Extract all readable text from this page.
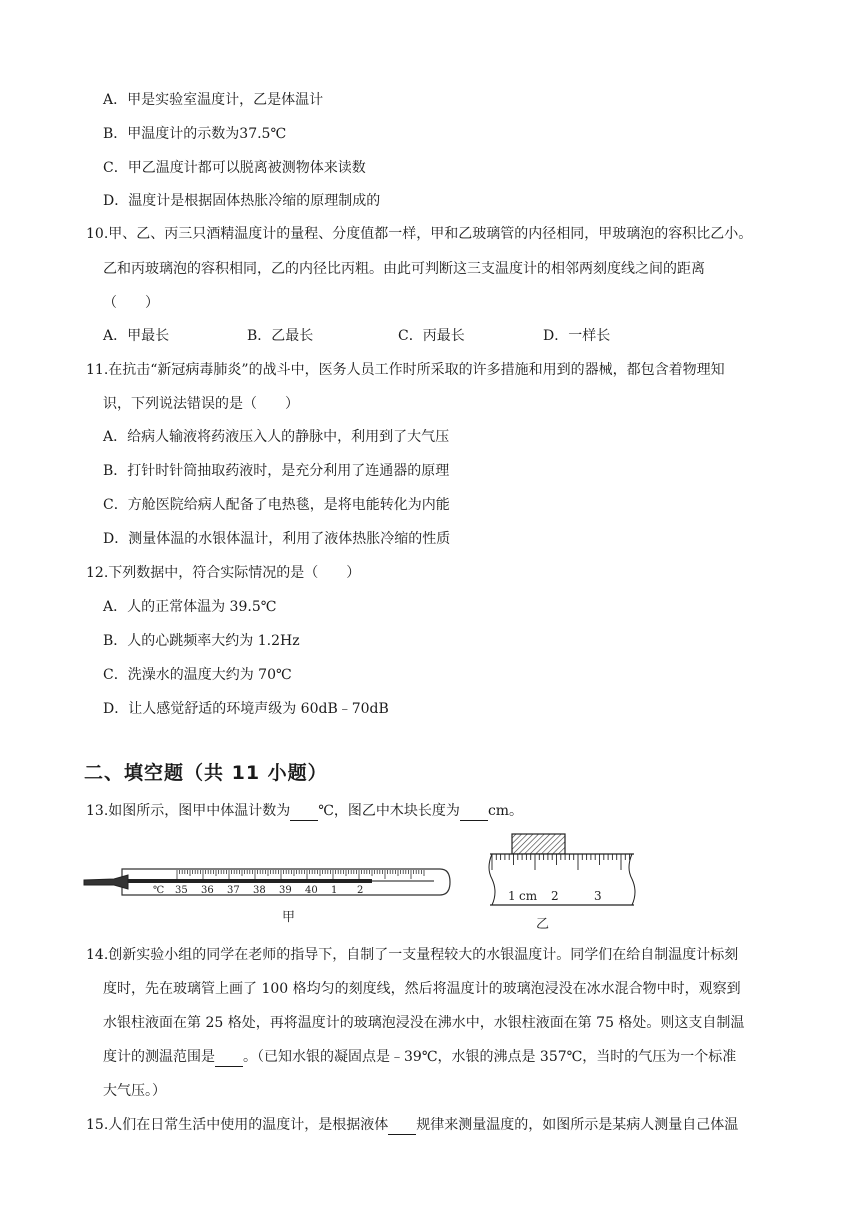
A．甲是实验室温度计，乙是体温计
B．甲温度计的示数为37.5℃
C．甲乙温度计都可以脱离被测物体来读数
D．温度计是根据固体热胀冷缩的原理制成的
10.甲、乙、丙三只酒精温度计的量程、分度值都一样，甲和乙玻璃管的内径相同，甲玻璃泡的容积比乙小。
乙和丙玻璃泡的容积相同，乙的内径比丙粗。由此可判断这三支温度计的相邻两刻度线之间的距离
（　　）
A．甲最长	B．乙最长	C．丙最长	D．一样长
11.在抗击“新冠病毒肺炎”的战斗中，医务人员工作时所采取的许多措施和用到的器械，都包含着物理知
识，下列说法错误的是（　　）
A．给病人输液将药液压入人的静脉中，利用到了大气压
B．打针时针筒抽取药液时，是充分利用了连通器的原理
C．方舱医院给病人配备了电热毯，是将电能转化为内能
D．测量体温的水银体温计，利用了液体热胀冷缩的性质
12.下列数据中，符合实际情况的是（　　）
A．人的正常体温为 39.5℃
B．人的心跳频率大约为 1.2Hz
C．洗澡水的温度大约为 70℃
D．让人感觉舒适的环境声级为 60dB﹣70dB
二、填空题（共 11 小题）
13.如图所示，图甲中体温计数为 ℃，图乙中木块长度为 cm。
℃ 35 36 37 38 39 40 1 2
甲
1 cm 2	3
乙
14.创新实验小组的同学在老师的指导下，自制了一支量程较大的水银温度计。同学们在给自制温度计标刻
度时，先在玻璃管上画了 100 格均匀的刻度线，然后将温度计的玻璃泡浸没在冰水混合物中时，观察到
水银柱液面在第 25 格处，再将温度计的玻璃泡浸没在沸水中，水银柱液面在第 75 格处。则这支自制温
度计的测温范围是 。（已知水银的凝固点是﹣39℃，水银的沸点是 357℃，当时的气压为一个标准
大气压。）
15.人们在日常生活中使用的温度计，是根据液体 规律来测量温度的，如图所示是某病人测量自己体温
